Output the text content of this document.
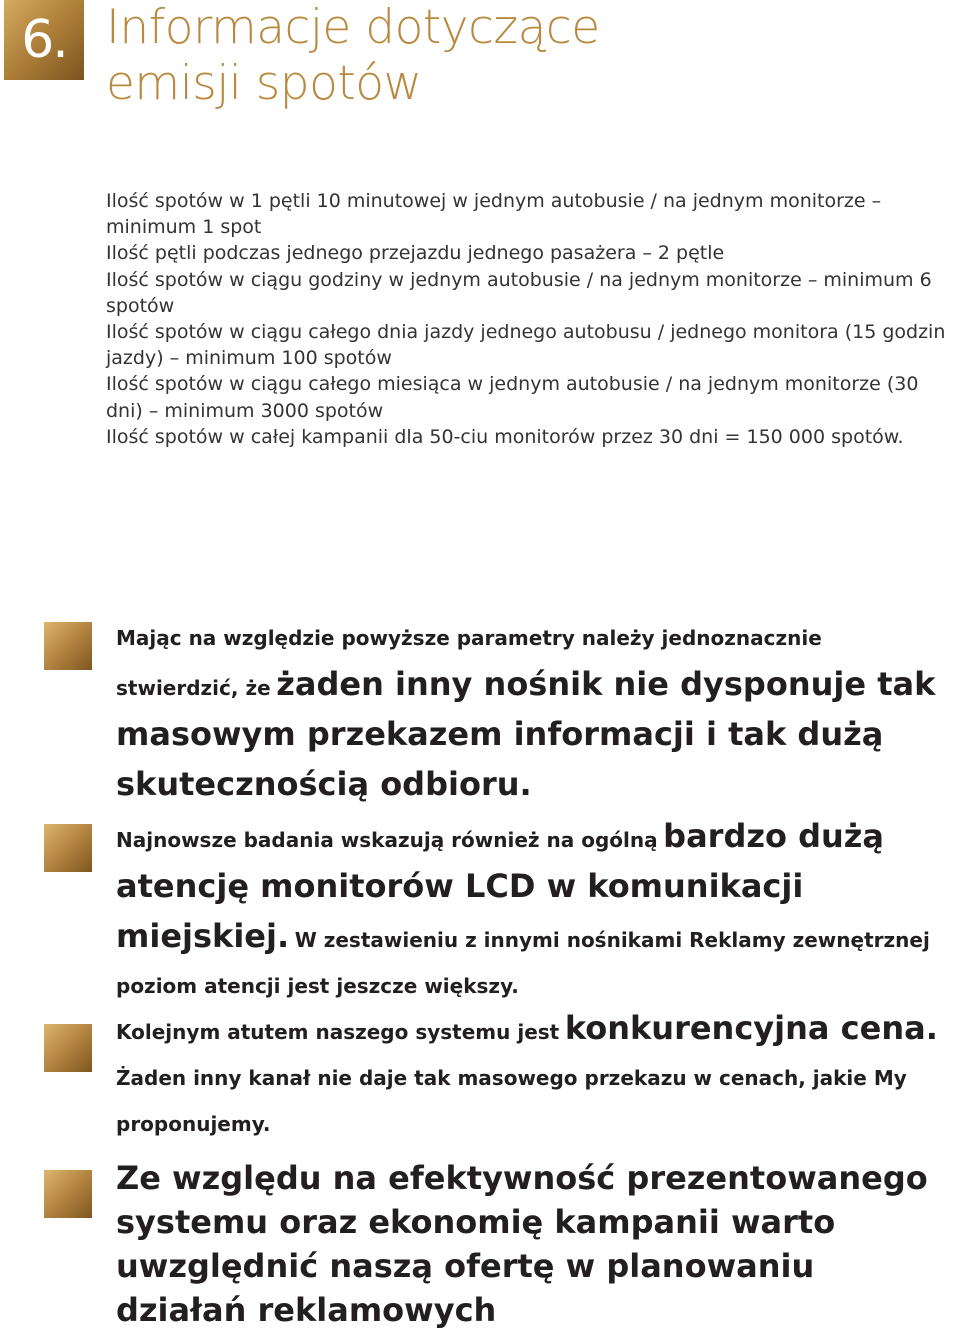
6. Informacje dotyczące
emisji spotów

Ilość spotów w 1 pętli 10 minutowej w jednym autobusie / na jednym monitorze – minimum 1 spot

Ilość pętli podczas jednego przejazdu jednego pasażera – 2 pętle

Ilość spotów w ciągu godziny w jednym autobusie / na jednym monitorze – minimum 6 spotów

Ilość spotów w ciągu całego dnia jazdy jednego autobusu / jednego monitora (15 godzin jazdy) – minimum 100 spotów

Ilość spotów w ciągu całego miesiąca w jednym autobusie / na jednym monitorze (30 dni) – minimum 3000 spotów

Ilość spotów w całej kampanii dla 50-ciu monitorów przez 30 dni = 150 000 spotów.

Mając na względzie powyższe parametry należy jednoznacznie stwierdzić, że żaden inny nośnik nie dysponuje tak masowym przekazem informacji i tak dużą skutecznością odbioru.
Najnowsze badania wskazują również na ogólną bardzo dużą atencję monitorów LCD w komunikacji miejskiej. W zestawieniu z innymi nośnikami Reklamy zewnętrznej poziom atencji jest jeszcze większy.
Kolejnym atutem naszego systemu jest konkurencyjna cena. Żaden inny kanał nie daje tak masowego przekazu w cenach, jakie My proponujemy.
Ze względu na efektywność prezentowanego systemu oraz ekonomię kampanii warto uwzględnić naszą ofertę w planowaniu działań reklamowych
